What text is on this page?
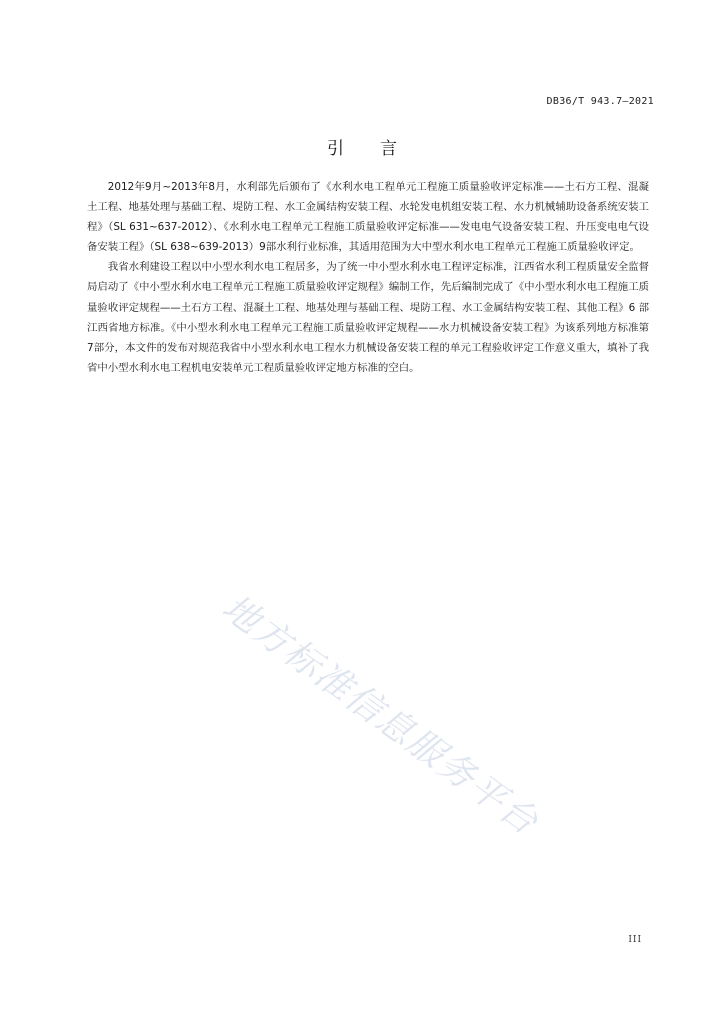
DB36/T 943.7—2021
引言

2012年9月~2013年8月，水利部先后颁布了《水利水电工程单元工程施工质量验收评定标准——土石方工程、混凝土工程、地基处理与基础工程、堤防工程、水工金属结构安装工程、水轮发电机组安装工程、水力机械辅助设备系统安装工程》（SL 631~637-2012）、《水利水电工程单元工程施工质量验收评定标准——发电电气设备安装工程、升压变电电气设备安装工程》（SL 638~639-2013）9部水利行业标准，其适用范围为大中型水利水电工程单元工程施工质量验收评定。

我省水利建设工程以中小型水利水电工程居多，为了统一中小型水利水电工程评定标准，江西省水利工程质量安全监督局启动了《中小型水利水电工程单元工程施工质量验收评定规程》编制工作，先后编制完成了《中小型水利水电工程施工质量验收评定规程——土石方工程、混凝土工程、地基处理与基础工程、堤防工程、水工金属结构安装工程、其他工程》6 部江西省地方标准。《中小型水利水电工程单元工程施工质量验收评定规程——水力机械设备安装工程》为该系列地方标准第7部分，本文件的发布对规范我省中小型水利水电工程水力机械设备安装工程的单元工程验收评定工作意义重大，填补了我省中小型水利水电工程机电安装单元工程质量验收评定地方标准的空白。

地方标准信息服务平台
III
